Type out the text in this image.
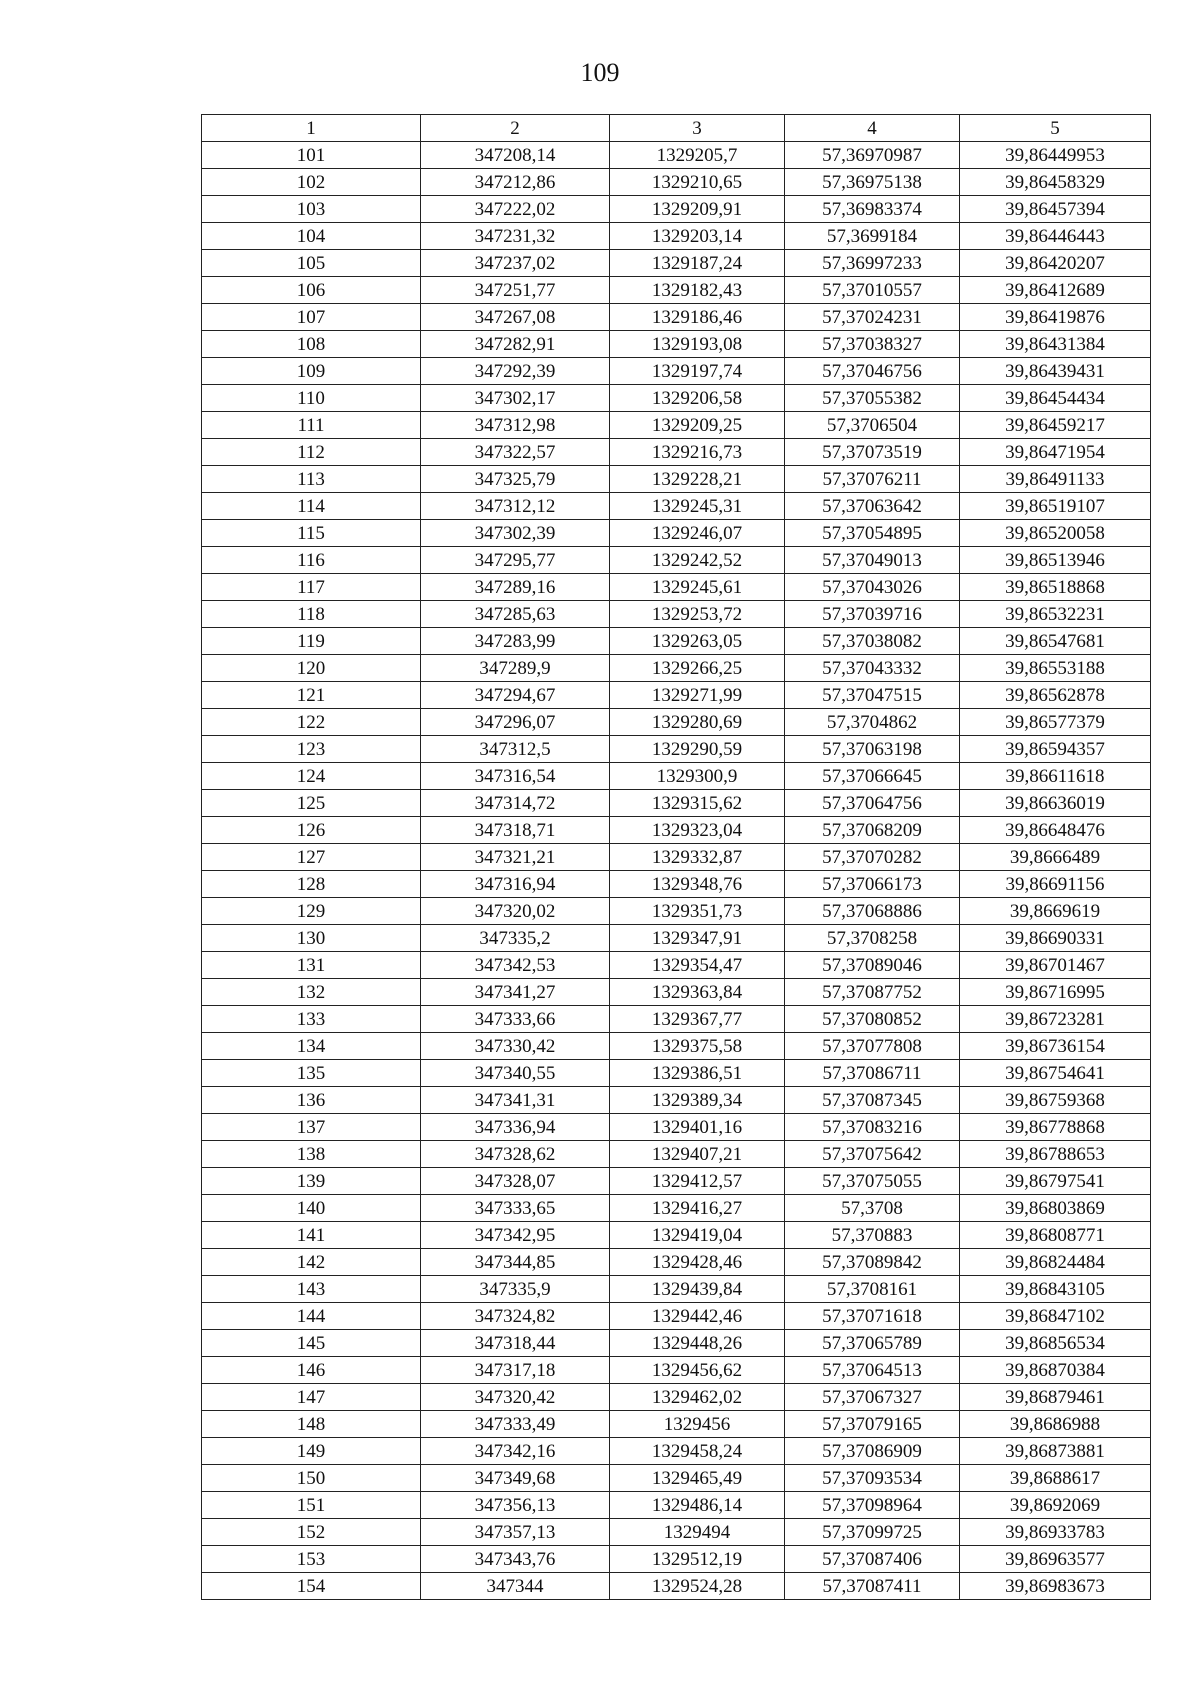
109
1	2	3	4	5
101	347208,14	1329205,7	57,36970987	39,86449953
102	347212,86	1329210,65	57,36975138	39,86458329
103	347222,02	1329209,91	57,36983374	39,86457394
104	347231,32	1329203,14	57,3699184	39,86446443
105	347237,02	1329187,24	57,36997233	39,86420207
106	347251,77	1329182,43	57,37010557	39,86412689
107	347267,08	1329186,46	57,37024231	39,86419876
108	347282,91	1329193,08	57,37038327	39,86431384
109	347292,39	1329197,74	57,37046756	39,86439431
110	347302,17	1329206,58	57,37055382	39,86454434
111	347312,98	1329209,25	57,3706504	39,86459217
112	347322,57	1329216,73	57,37073519	39,86471954
113	347325,79	1329228,21	57,37076211	39,86491133
114	347312,12	1329245,31	57,37063642	39,86519107
115	347302,39	1329246,07	57,37054895	39,86520058
116	347295,77	1329242,52	57,37049013	39,86513946
117	347289,16	1329245,61	57,37043026	39,86518868
118	347285,63	1329253,72	57,37039716	39,86532231
119	347283,99	1329263,05	57,37038082	39,86547681
120	347289,9	1329266,25	57,37043332	39,86553188
121	347294,67	1329271,99	57,37047515	39,86562878
122	347296,07	1329280,69	57,3704862	39,86577379
123	347312,5	1329290,59	57,37063198	39,86594357
124	347316,54	1329300,9	57,37066645	39,86611618
125	347314,72	1329315,62	57,37064756	39,86636019
126	347318,71	1329323,04	57,37068209	39,86648476
127	347321,21	1329332,87	57,37070282	39,8666489
128	347316,94	1329348,76	57,37066173	39,86691156
129	347320,02	1329351,73	57,37068886	39,8669619
130	347335,2	1329347,91	57,3708258	39,86690331
131	347342,53	1329354,47	57,37089046	39,86701467
132	347341,27	1329363,84	57,37087752	39,86716995
133	347333,66	1329367,77	57,37080852	39,86723281
134	347330,42	1329375,58	57,37077808	39,86736154
135	347340,55	1329386,51	57,37086711	39,86754641
136	347341,31	1329389,34	57,37087345	39,86759368
137	347336,94	1329401,16	57,37083216	39,86778868
138	347328,62	1329407,21	57,37075642	39,86788653
139	347328,07	1329412,57	57,37075055	39,86797541
140	347333,65	1329416,27	57,3708	39,86803869
141	347342,95	1329419,04	57,370883	39,86808771
142	347344,85	1329428,46	57,37089842	39,86824484
143	347335,9	1329439,84	57,3708161	39,86843105
144	347324,82	1329442,46	57,37071618	39,86847102
145	347318,44	1329448,26	57,37065789	39,86856534
146	347317,18	1329456,62	57,37064513	39,86870384
147	347320,42	1329462,02	57,37067327	39,86879461
148	347333,49	1329456	57,37079165	39,8686988
149	347342,16	1329458,24	57,37086909	39,86873881
150	347349,68	1329465,49	57,37093534	39,8688617
151	347356,13	1329486,14	57,37098964	39,8692069
152	347357,13	1329494	57,37099725	39,86933783
153	347343,76	1329512,19	57,37087406	39,86963577
154	347344	1329524,28	57,37087411	39,86983673
